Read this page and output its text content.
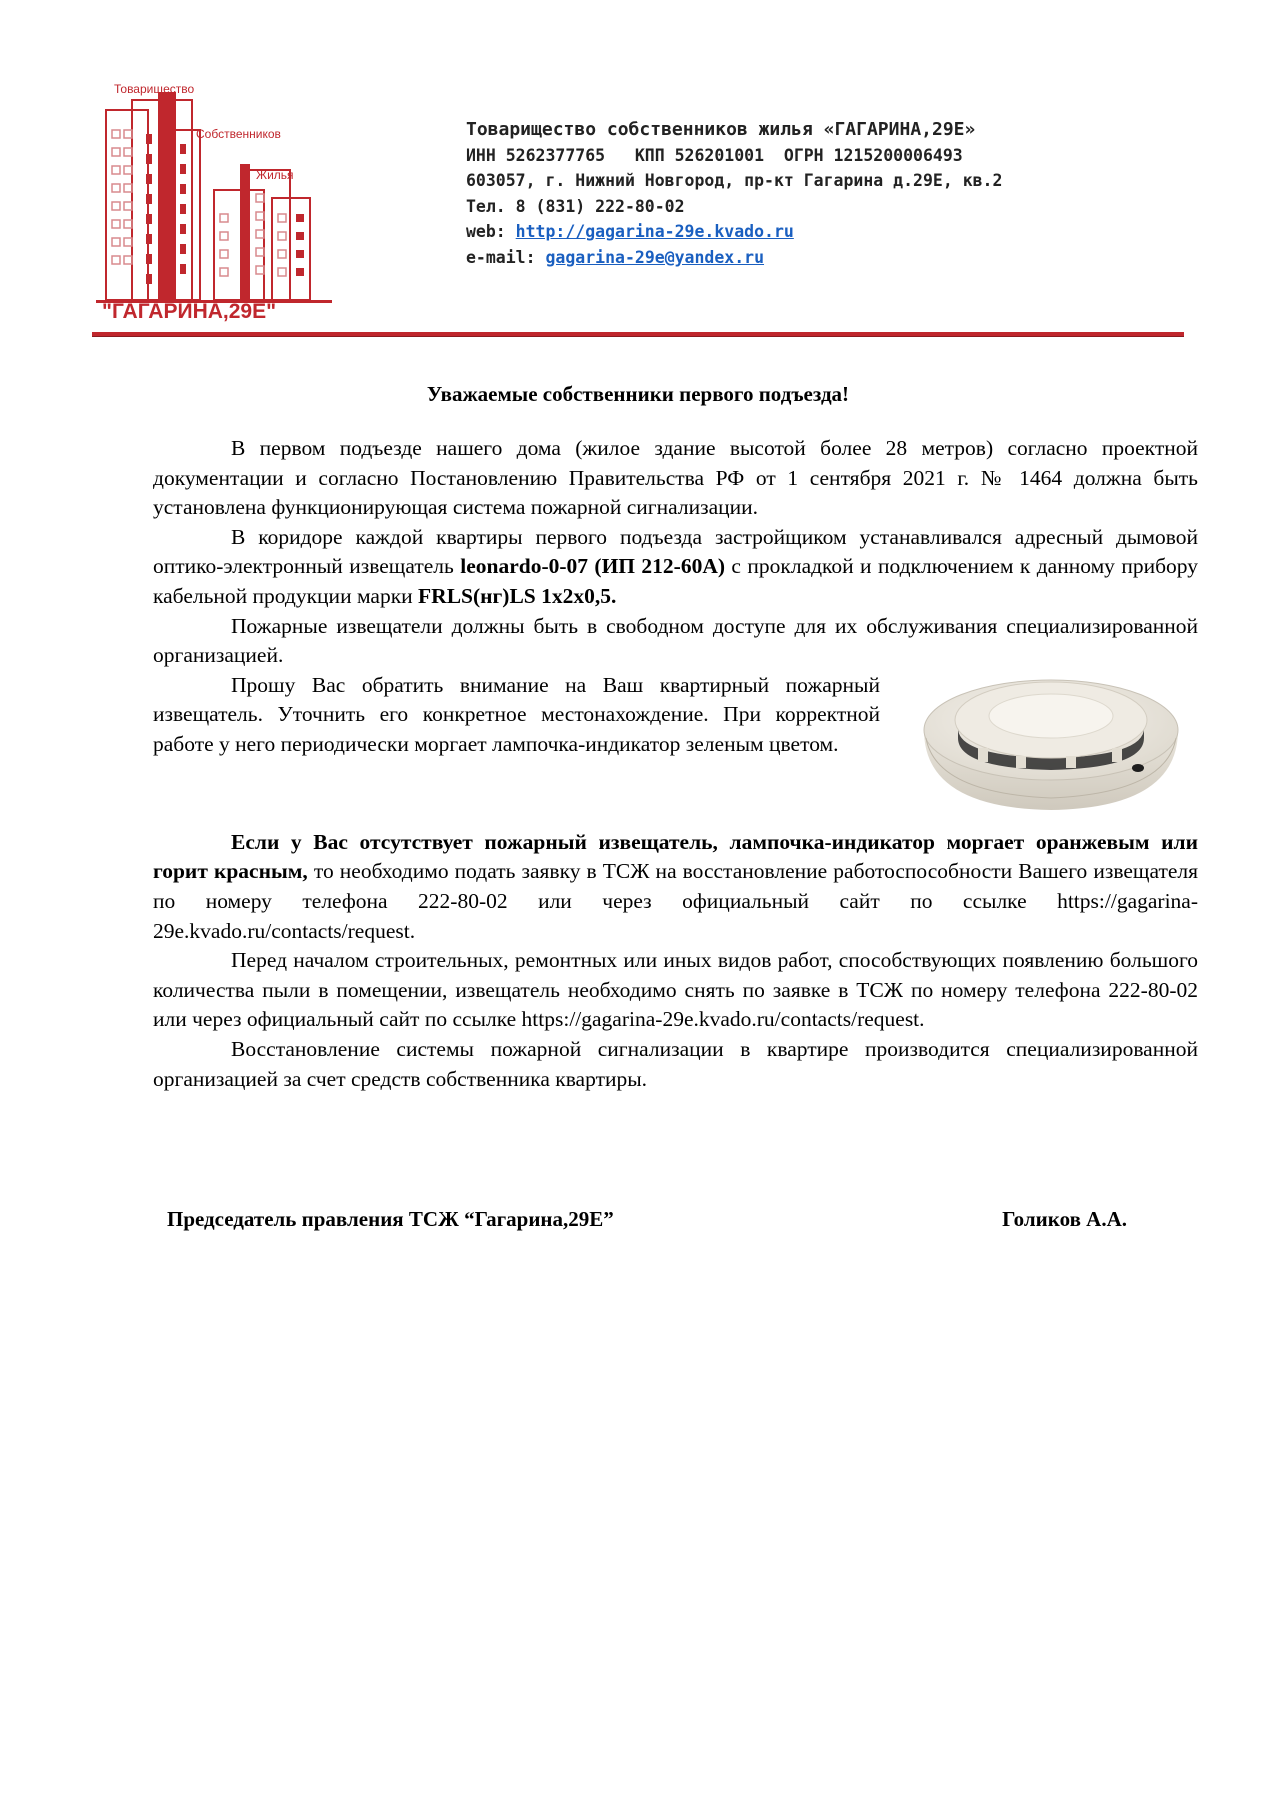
Товарищество
Собственников
Жилья
"ГАГАРИНА,29Е"
Товарищество собственников жилья «ГАГАРИНА,29Е»
ИНН 5262377765   КПП 526201001  ОГРН 1215200006493
603057, г. Нижний Новгород, пр-кт Гагарина д.29Е, кв.2
Тел. 8 (831) 222-80-02
web: http://gagarina-29e.kvado.ru
e-mail: gagarina-29e@yandex.ru
Уважаемые собственники первого подъезда!

В первом подъезде нашего дома (жилое здание высотой более 28 метров) согласно проектной документации и согласно Постановлению Правительства РФ от 1 сентября 2021 г. № 1464 должна быть установлена функционирующая система пожарной сигнализации.

В коридоре каждой квартиры первого подъезда застройщиком устанавливался адресный дымовой оптико-электронный извещатель leonardo-0-07 (ИП 212-60А) с прокладкой и подключением к данному прибору кабельной продукции марки FRLS(нг)LS 1x2x0,5.

Пожарные извещатели должны быть в свободном доступе для их обслуживания специализированной организацией.

Прошу Вас обратить внимание на Ваш квартирный пожарный извещатель. Уточнить его конкретное местонахождение. При корректной работе у него периодически моргает лампочка-индикатор зеленым цветом.

Если у Вас отсутствует пожарный извещатель, лампочка-индикатор моргает оранжевым или горит красным, то необходимо подать заявку в ТСЖ на восстановление работоспособности Вашего извещателя по номеру телефона 222-80-02 или через официальный сайт по ссылке https://gagarina-29e.kvado.ru/contacts/request.

Перед началом строительных, ремонтных или иных видов работ, способствующих появлению большого количества пыли в помещении, извещатель необходимо снять по заявке в ТСЖ по номеру телефона 222-80-02 или через официальный сайт по ссылке https://gagarina-29e.kvado.ru/contacts/request.

Восстановление системы пожарной сигнализации в квартире производится специализированной организацией за счет средств собственника квартиры.

Председатель правления ТСЖ “Гагарина,29Е”	Голиков А.А.
